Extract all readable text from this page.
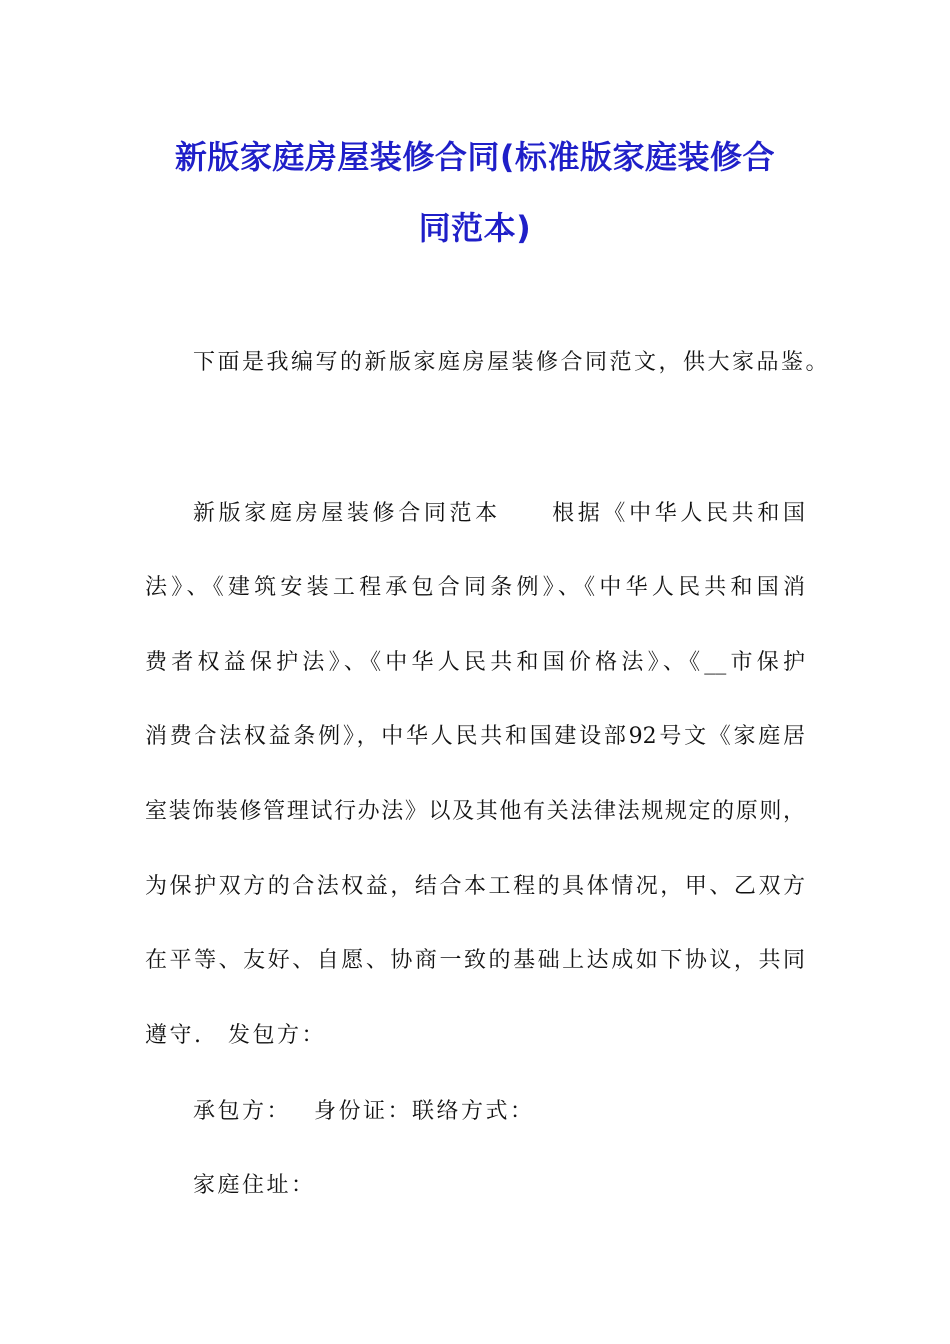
新版家庭房屋装修合同(标准版家庭装修合
同范本)
下面是我编写的新版家庭房屋装修合同范文，供大家品鉴。
新版家庭房屋装修合同范本　　根据《中华人民共和国
法》、《建筑安装工程承包合同条例》、《中华人民共和国消
费者权益保护法》、《中华人民共和国价格法》、《__市保护
消费合法权益条例》，中华人民共和国建设部92号文《家庭居
室装饰装修管理试行办法》以及其他有关法律法规规定的原则，
为保护双方的合法权益，结合本工程的具体情况，甲、乙双方
在平等、友好、自愿、协商一致的基础上达成如下协议，共同
遵守.　发包方：
承包方：　 身份证：联络方式：
家庭住址：
